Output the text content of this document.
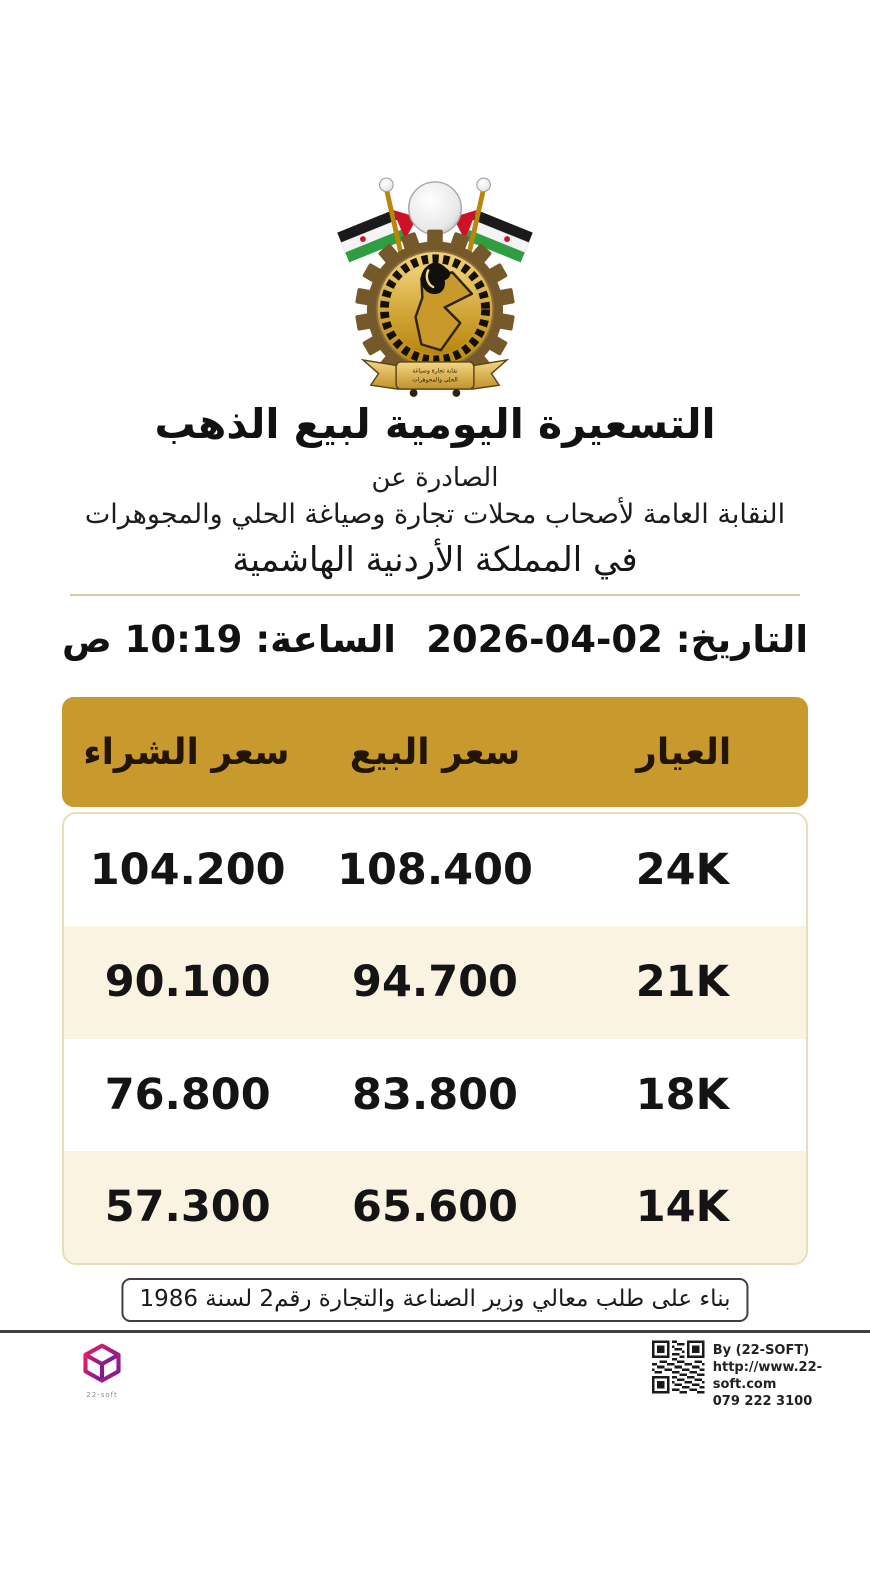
نقابة تجارة وصياغة
الحلي والمجوهرات
التسعيرة اليومية لبيع الذهب
الصادرة عن
النقابة العامة لأصحاب محلات تجارة وصياغة الحلي والمجوهرات
في المملكة الأردنية الهاشمية
التاريخ: 02-04-2026
الساعة: 10:19 ص
العيار
سعر البيع
سعر الشراء
24K
108.400
104.200
21K
94.700
90.100
18K
83.800
76.800
14K
65.600
57.300
بناء على طلب معالي وزير الصناعة والتجارة رقم2 لسنة 1986
By (22-SOFT)
http://www.22-soft.com
079 222 3100
22-soft
